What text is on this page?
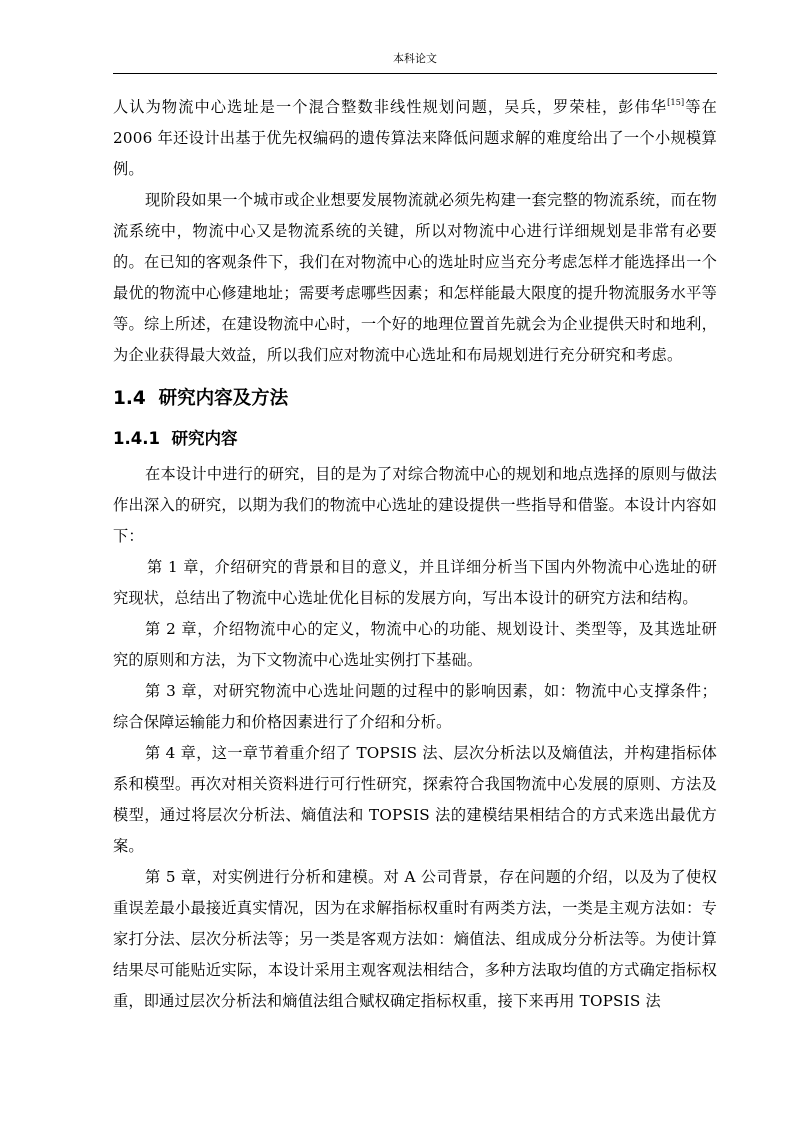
本科论文

人认为物流中心选址是一个混合整数非线性规划问题，吴兵，罗荣桂，彭伟华[15]等在 2006 年还设计出基于优先权编码的遗传算法来降低问题求解的难度给出了一个小规模算例。

现阶段如果一个城市或企业想要发展物流就必须先构建一套完整的物流系统，而在物流系统中，物流中心又是物流系统的关键，所以对物流中心进行详细规划是非常有必要的。在已知的客观条件下，我们在对物流中心的选址时应当充分考虑怎样才能选择出一个最优的物流中心修建地址；需要考虑哪些因素；和怎样能最大限度的提升物流服务水平等等。综上所述，在建设物流中心时，一个好的地理位置首先就会为企业提供天时和地利，为企业获得最大效益，所以我们应对物流中心选址和布局规划进行充分研究和考虑。

1.4 研究内容及方法
1.4.1 研究内容

在本设计中进行的研究，目的是为了对综合物流中心的规划和地点选择的原则与做法作出深入的研究，以期为我们的物流中心选址的建设提供一些指导和借鉴。本设计内容如下：

第 1 章，介绍研究的背景和目的意义，并且详细分析当下国内外物流中心选址的研究现状，总结出了物流中心选址优化目标的发展方向，写出本设计的研究方法和结构。

第 2 章，介绍物流中心的定义，物流中心的功能、规划设计、类型等，及其选址研究的原则和方法，为下文物流中心选址实例打下基础。

第 3 章，对研究物流中心选址问题的过程中的影响因素，如：物流中心支撑条件；综合保障运输能力和价格因素进行了介绍和分析。

第 4 章，这一章节着重介绍了 TOPSIS 法、层次分析法以及熵值法，并构建指标体系和模型。再次对相关资料进行可行性研究，探索符合我国物流中心发展的原则、方法及模型，通过将层次分析法、熵值法和 TOPSIS 法的建模结果相结合的方式来选出最优方案。

第 5 章，对实例进行分析和建模。对 A 公司背景，存在问题的介绍，以及为了使权重误差最小最接近真实情况，因为在求解指标权重时有两类方法，一类是主观方法如：专家打分法、层次分析法等；另一类是客观方法如：熵值法、组成成分分析法等。为使计算结果尽可能贴近实际，本设计采用主观客观法相结合，多种方法取均值的方式确定指标权重，即通过层次分析法和熵值法组合赋权确定指标权重，接下来再用 TOPSIS 法
